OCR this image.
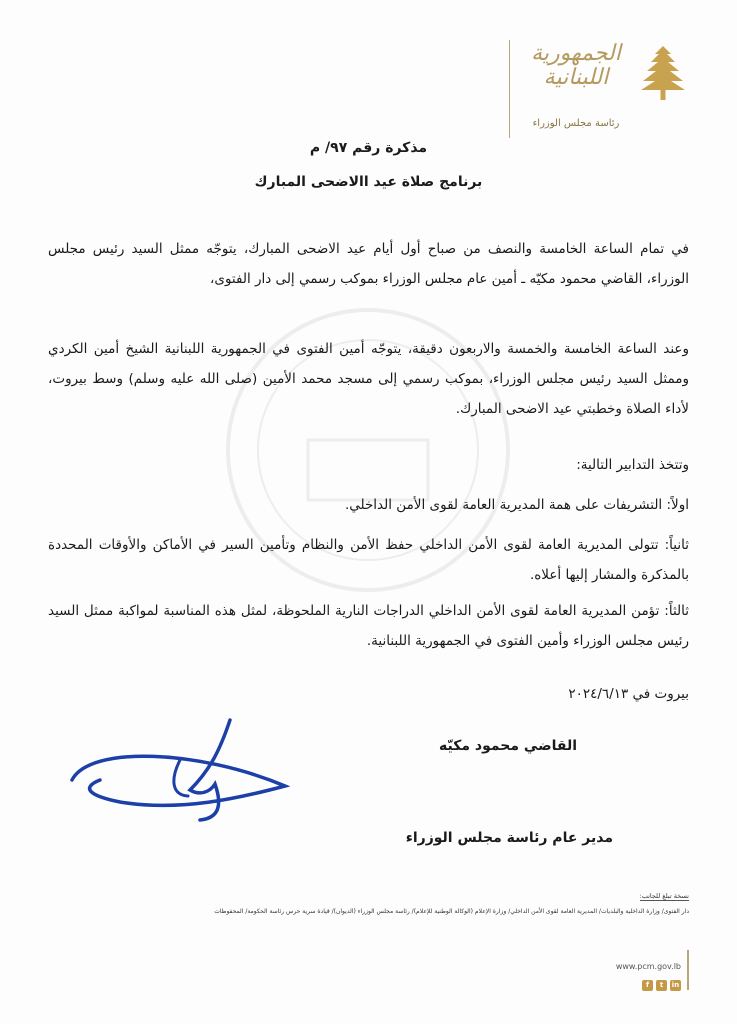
الجمهورية
اللبنانية
رئاسة مجلس الوزراء
مذكرة رقم ٩٧/ م
برنامج صلاة عيد االاضحى المبارك
في تمام الساعة الخامسة والنصف من صباح أول أيام عيد الاضحى المبارك، يتوجّه ممثل السيد رئيس مجلس الوزراء، القاضي محمود مكيّه ـ أمين عام مجلس الوزراء بموكب رسمي إلى دار الفتوى،
وعند الساعة الخامسة والخمسة والاربعون دقيقة، يتوجّه أمين الفتوى في الجمهورية اللبنانية الشيخ أمين الكردي وممثل السيد رئيس مجلس الوزراء، بموكب رسمي إلى مسجد محمد الأمين (صلى الله عليه وسلم) وسط بيروت، لأداء الصلاة وخطبتي عيد الاضحى المبارك.
وتتخذ التدابير التالية:
اولاً: التشريفات على همة المديرية العامة لقوى الأمن الداخلي.
ثانياً: تتولى المديرية العامة لقوى الأمن الداخلي حفظ الأمن والنظام وتأمين السير في الأماكن والأوقات المحددة بالمذكرة والمشار إليها أعلاه.
ثالثاً: تؤمن المديرية العامة لقوى الأمن الداخلي الدراجات النارية الملحوظة، لمثل هذه المناسبة لمواكبة ممثل السيد رئيس مجلس الوزراء وأمين الفتوى في الجمهورية اللبنانية.
بيروت في ٢٠٢٤/٦/١٣
القاضي محمود مكيّه
مدير عام رئاسة مجلس الوزراء
نسخة تبلغ للجانب:
دار الفتوى/ وزارة الداخلية والبلديات/ المديرية العامة لقوى الأمن الداخلي/ وزارة الإعلام (الوكالة الوطنية للإعلام)/ رئاسة مجلس الوزراء (الديوان)/ قيادة سرية حرس رئاسة الحكومة/ المحفوظات
www.pcm.gov.lb
f	t	in
